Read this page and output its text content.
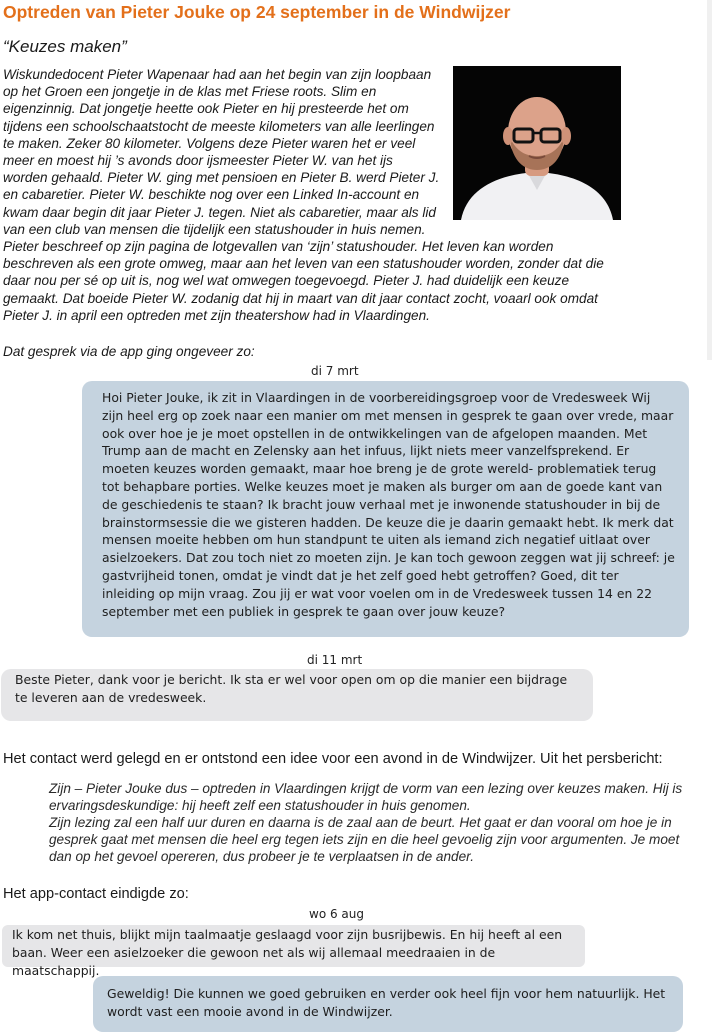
Optreden van Pieter Jouke op 24 september in de Windwijzer
“Keuzes maken”
Wiskundedocent Pieter Wapenaar had aan het begin van zijn loopbaan op het Groen een jongetje in de klas met Friese roots. Slim en eigenzinnig. Dat jongetje heette ook Pieter en hij presteerde het om tijdens een schoolschaatstocht de meeste kilometers van alle leerlingen te maken. Zeker 80 kilometer. Volgens deze Pieter waren het er veel meer en moest hij ’s avonds door ijsmeester Pieter W. van het ijs worden gehaald. Pieter W. ging met pensioen en Pieter B. werd Pieter J. en cabaretier. Pieter W. beschikte nog over een Linked In-account en kwam daar begin dit jaar Pieter J. tegen. Niet als cabaretier, maar als lid van een club van mensen die tijdelijk een statushouder in huis nemen. Pieter beschreef op zijn pagina de lotgevallen van ‘zijn’ statushouder. Het leven kan worden beschreven als een grote omweg, maar aan het leven van een statushouder worden, zonder dat die daar nou per sé op uit is, nog wel wat omwegen toegevoegd. Pieter J. had duidelijk een keuze gemaakt. Dat boeide Pieter W. zodanig dat hij in maart van dit jaar contact zocht, voaarl ook omdat Pieter J. in april een optreden met zijn theatershow had in Vlaardingen.
Dat gesprek via de app ging ongeveer zo:
di 7 mrt
Hoi Pieter Jouke, ik zit in Vlaardingen in de voorbereidingsgroep voor de Vredesweek Wij zijn heel erg op zoek naar een manier om met mensen in gesprek te gaan over vrede, maar ook over hoe je je moet opstellen in de ontwikkelingen van de afgelopen maanden. Met Trump aan de macht en Zelensky aan het infuus, lijkt niets meer vanzelfsprekend. Er moeten keuzes worden gemaakt, maar hoe breng je de grote wereld- problematiek terug tot behapbare porties. Welke keuzes moet je maken als burger om aan de goede kant van de geschiedenis te staan? Ik bracht jouw verhaal met je inwonende statushouder in bij de brainstormsessie die we gisteren hadden. De keuze die je daarin gemaakt hebt. Ik merk dat mensen moeite hebben om hun standpunt te uiten als iemand zich negatief uitlaat over asielzoekers. Dat zou toch niet zo moeten zijn. Je kan toch gewoon zeggen wat jij schreef: je gastvrijheid tonen, omdat je vindt dat je het zelf goed hebt getroffen? Goed, dit ter inleiding op mijn vraag. Zou jij er wat voor voelen om in de Vredesweek tussen 14 en 22 september met een publiek in gesprek te gaan over jouw keuze?
di 11 mrt
Beste Pieter, dank voor je bericht. Ik sta er wel voor open om op die manier een bijdrage te leveren aan de vredesweek.
Het contact werd gelegd en er ontstond een idee voor een avond in de Windwijzer. Uit het persbericht:

Zijn – Pieter Jouke dus – optreden in Vlaardingen krijgt de vorm van een lezing over keuzes maken. Hij is ervaringsdeskundige: hij heeft zelf een statushouder in huis genomen.

Zijn lezing zal een half uur duren en daarna is de zaal aan de beurt. Het gaat er dan vooral om hoe je in gesprek gaat met mensen die heel erg tegen iets zijn en die heel gevoelig zijn voor argumenten. Je moet dan op het gevoel opereren, dus probeer je te verplaatsen in de ander.

Het app-contact eindigde zo:
wo 6 aug
Ik kom net thuis, blijkt mijn taalmaatje geslaagd voor zijn busrijbewis. En hij heeft al een baan. Weer een asielzoeker die gewoon net als wij allemaal meedraaien in de maatschappij.
Geweldig! Die kunnen we goed gebruiken en verder ook heel fijn voor hem natuurlijk. Het wordt vast een mooie avond in de Windwijzer.
